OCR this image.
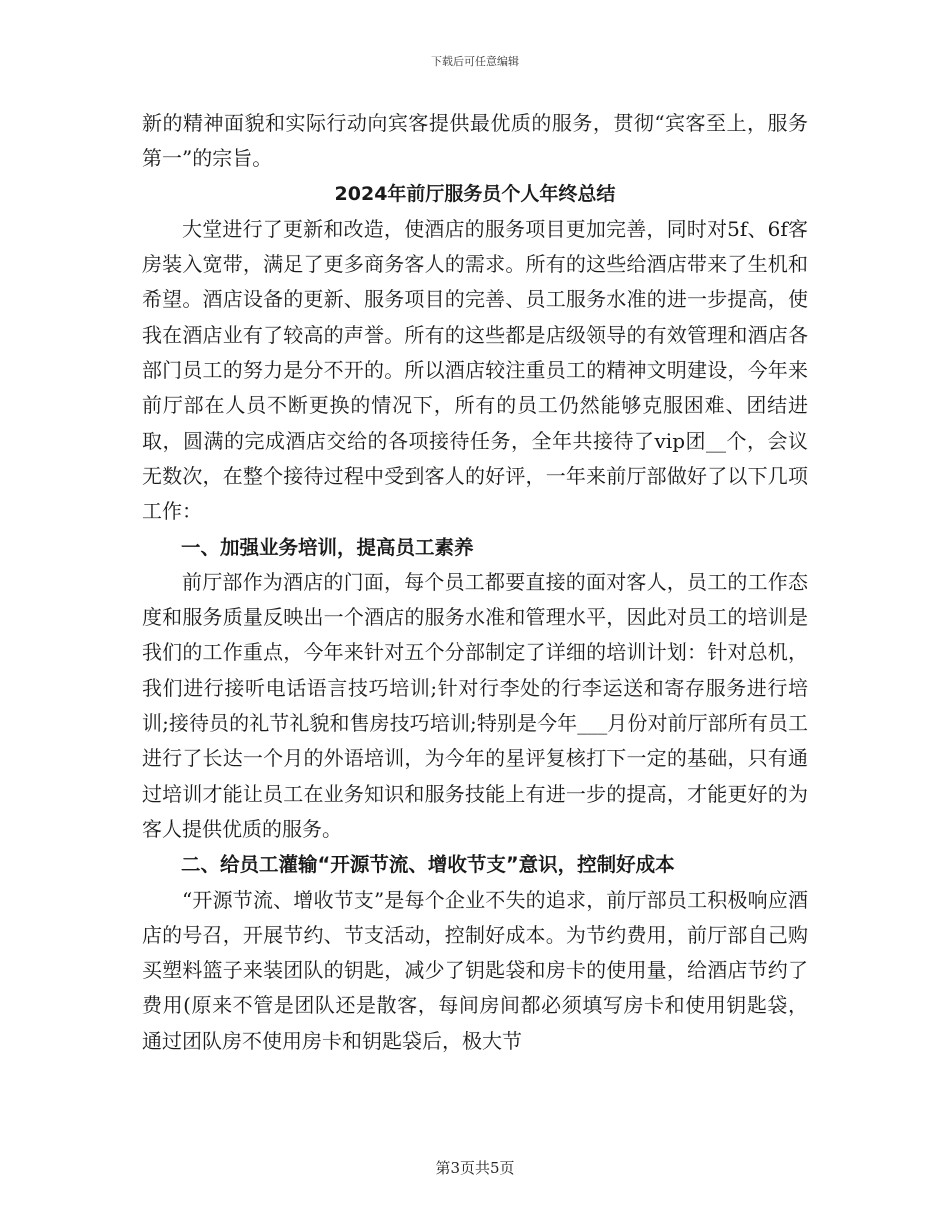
下载后可任意编辑

新的精神面貌和实际行动向宾客提供最优质的服务，贯彻“宾客至上，服务第一”的宗旨。

2024年前厅服务员个人年终总结

大堂进行了更新和改造，使酒店的服务项目更加完善，同时对5f、6f客房装入宽带，满足了更多商务客人的需求。所有的这些给酒店带来了生机和希望。酒店设备的更新、服务项目的完善、员工服务水准的进一步提高，使我在酒店业有了较高的声誉。所有的这些都是店级领导的有效管理和酒店各部门员工的努力是分不开的。所以酒店较注重员工的精神文明建设，今年来前厅部在人员不断更换的情况下，所有的员工仍然能够克服困难、团结进取，圆满的完成酒店交给的各项接待任务，全年共接待了vip团__个，会议无数次，在整个接待过程中受到客人的好评，一年来前厅部做好了以下几项工作：

一、加强业务培训，提高员工素养

前厅部作为酒店的门面，每个员工都要直接的面对客人，员工的工作态度和服务质量反映出一个酒店的服务水准和管理水平，因此对员工的培训是我们的工作重点，今年来针对五个分部制定了详细的培训计划：针对总机，我们进行接听电话语言技巧培训;针对行李处的行李运送和寄存服务进行培训;接待员的礼节礼貌和售房技巧培训;特别是今年___月份对前厅部所有员工进行了长达一个月的外语培训，为今年的星评复核打下一定的基础，只有通过培训才能让员工在业务知识和服务技能上有进一步的提高，才能更好的为客人提供优质的服务。

二、给员工灌输“开源节流、增收节支”意识，控制好成本

“开源节流、增收节支”是每个企业不失的追求，前厅部员工积极响应酒店的号召，开展节约、节支活动，控制好成本。为节约费用，前厅部自己购买塑料篮子来装团队的钥匙，减少了钥匙袋和房卡的使用量，给酒店节约了费用(原来不管是团队还是散客，每间房间都必须填写房卡和使用钥匙袋，通过团队房不使用房卡和钥匙袋后，极大节

第3页共5页
